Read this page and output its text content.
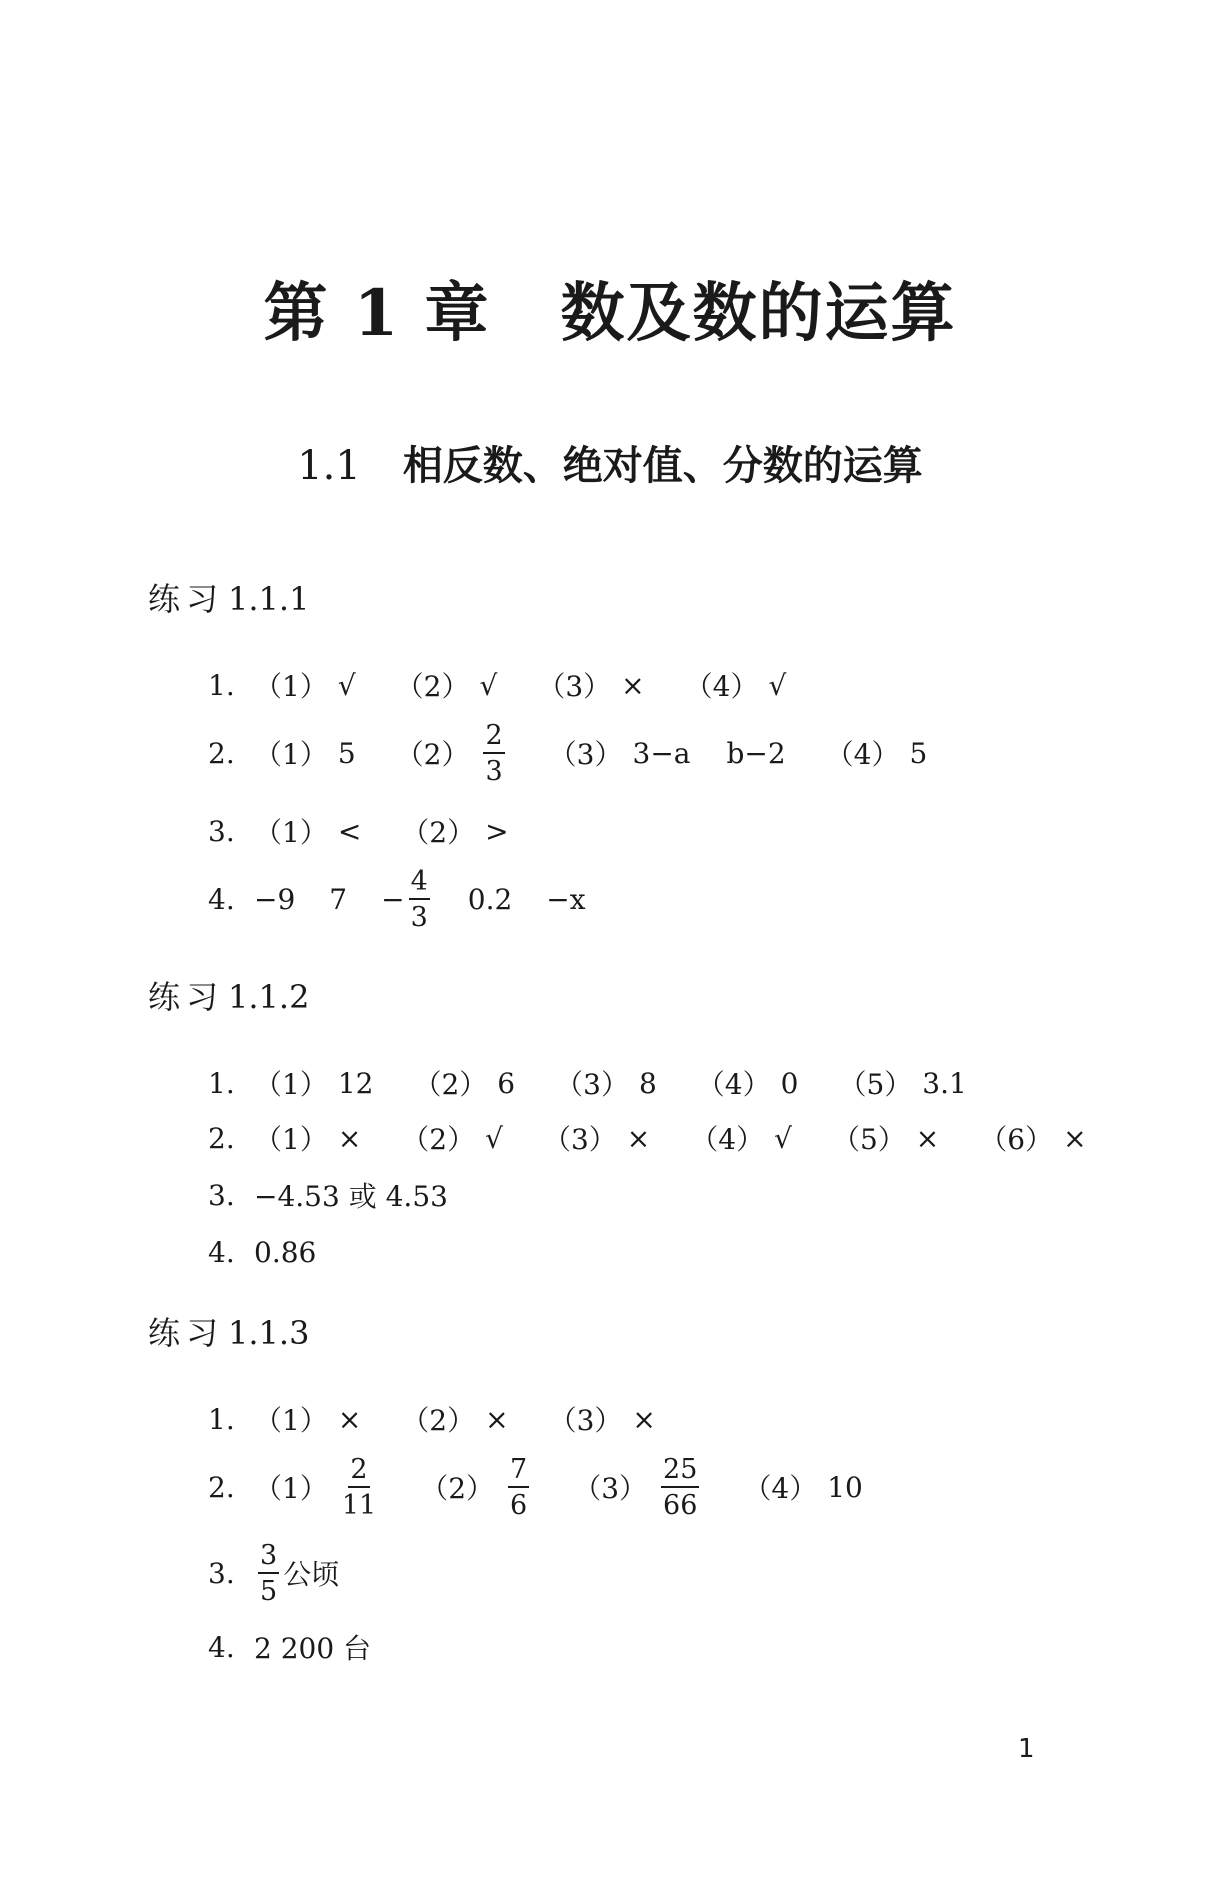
第 1 章 数及数的运算
1.1 相反数、绝对值、分数的运算
练习 1.1.1
1. （1） √ （2） √ （3） × （4） √
2. （1） 5 $(2) \frac{2}{3} (3)$ 3−a b−2 （4） 5
3. （1） < （2） >
4. −9 $7 - \frac{4}{3} 0.2 -x$
练习 1.1.2
1. （1） 12 （2） 6 （3） 8 （4） 0 （5） 3.1
2. （1） × （2） √ （3） × （4） √ （5） × （6） ×
3. −4.53 或 4.53
4. 0.86
练习 1.1.3
1. （1） × （2） × （3） ×
2. $(1) \frac{2}{11} (2) \frac{7}{6} (3) \frac{25}{66} (4)$ 10
3. $\frac{3}{5}$ 公顷
4. 2 200 台
1
